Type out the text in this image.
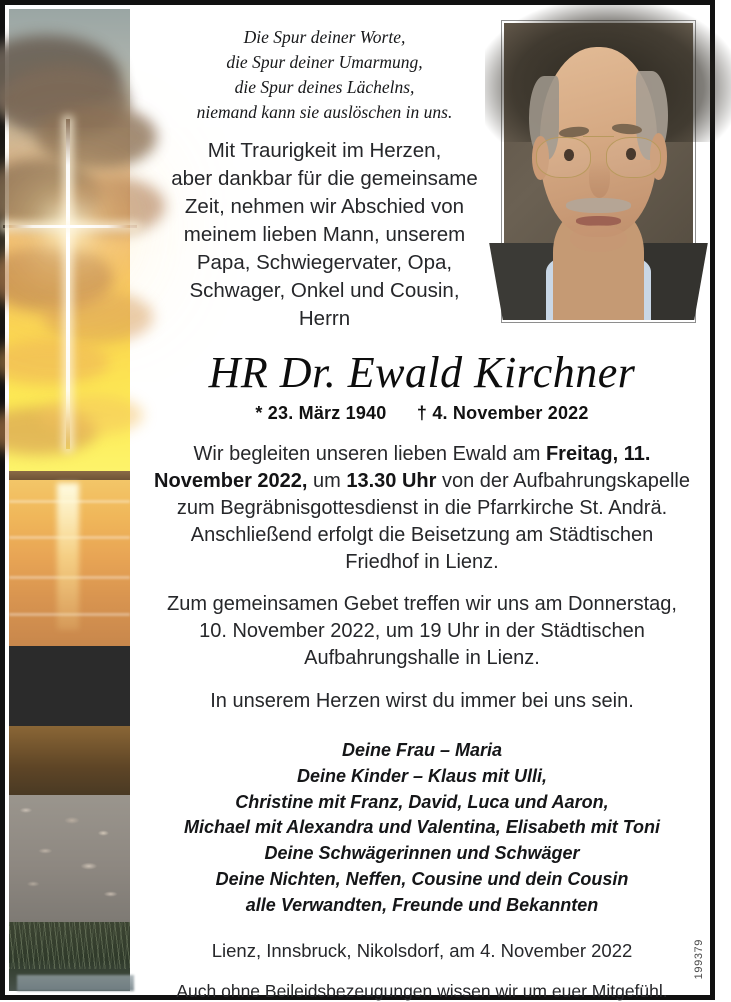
Die Spur deiner Worte,
die Spur deiner Umarmung,
die Spur deines Lächelns,
niemand kann sie auslöschen in uns.
Mit Traurigkeit im Herzen,
aber dankbar für die gemeinsame
Zeit, nehmen wir Abschied von
meinem lieben Mann, unserem
Papa, Schwiegervater, Opa,
Schwager, Onkel und Cousin,
Herrn
HR Dr. Ewald Kirchner
* 23. März 1940 † 4. November 2022

Wir begleiten unseren lieben Ewald am Freitag, 11. November 2022, um 13.30 Uhr von der Aufbahrungskapelle zum Begräbnisgottesdienst in die Pfarrkirche St. Andrä. Anschließend erfolgt die Beisetzung am Städtischen Friedhof in Lienz.

Zum gemeinsamen Gebet treffen wir uns am Donnerstag, 10. November 2022, um 19 Uhr in der Städtischen Aufbahrungshalle in Lienz.

In unserem Herzen wirst du immer bei uns sein.

Deine Frau – Maria
Deine Kinder – Klaus mit Ulli,
Christine mit Franz, David, Luca und Aaron,
Michael mit Alexandra und Valentina, Elisabeth mit Toni
Deine Schwägerinnen und Schwäger
Deine Nichten, Neffen, Cousine und dein Cousin
alle Verwandten, Freunde und Bekannten

Lienz, Innsbruck, Nikolsdorf, am 4. November 2022

Auch ohne Beileidsbezeugungen wissen wir um euer Mitgefühl.

199379
